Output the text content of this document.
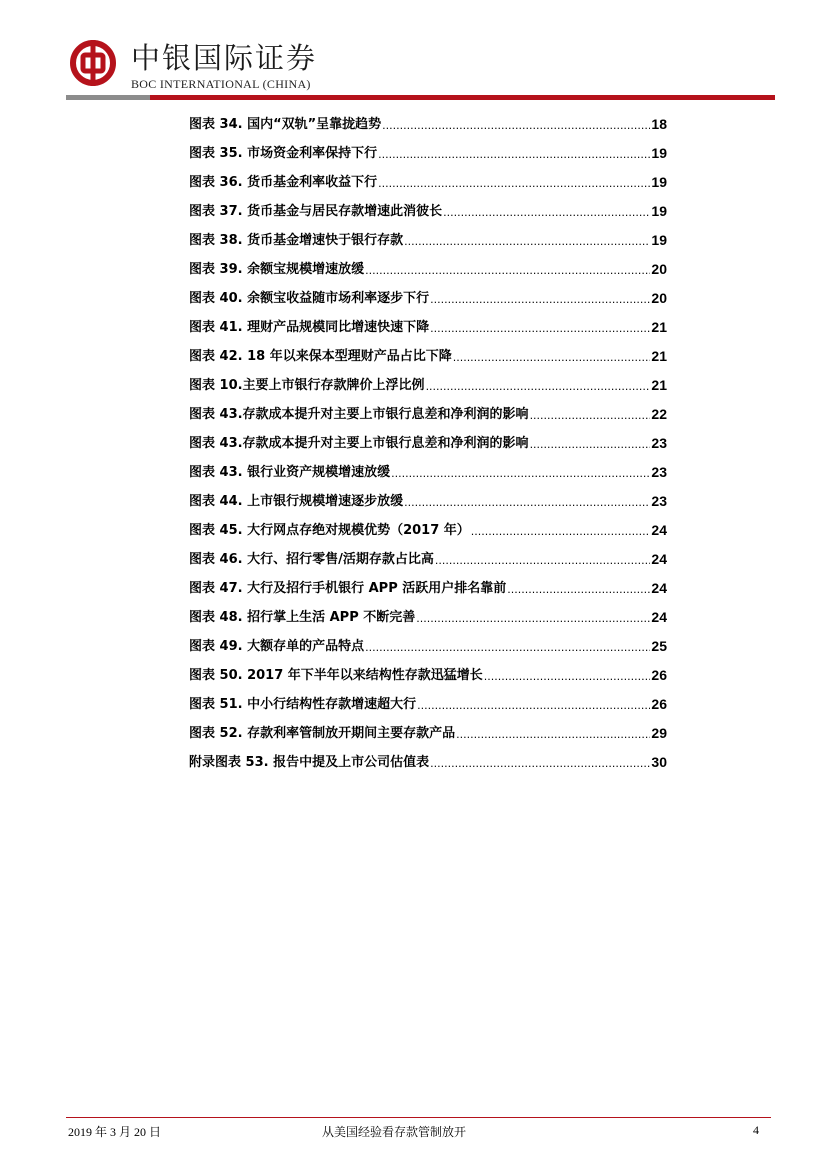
中银国际证券
BOC INTERNATIONAL (CHINA)
图表 34. 国内“双轨”呈靠拢趋势 .....	18
图表 35. 市场资金利率保持下行 .....	19
图表 36. 货币基金利率收益下行 .....	19
图表 37. 货币基金与居民存款增速此消彼长 .....	19
图表 38. 货币基金增速快于银行存款 .....	19
图表 39. 余额宝规模增速放缓 .....	20
图表 40. 余额宝收益随市场利率逐步下行 .....	20
图表 41. 理财产品规模同比增速快速下降 .....	21
图表 42. 18 年以来保本型理财产品占比下降 .....	21
图表 10.主要上市银行存款牌价上浮比例 .....	21
图表 43.存款成本提升对主要上市银行息差和净利润的影响 .....	22
图表 43.存款成本提升对主要上市银行息差和净利润的影响 .....	23
图表 43. 银行业资产规模增速放缓 .....	23
图表 44. 上市银行规模增速逐步放缓 .....	23
图表 45. 大行网点存绝对规模优势（2017 年） .....	24
图表 46. 大行、招行零售/活期存款占比高 .....	24
图表 47. 大行及招行手机银行 APP 活跃用户排名靠前 .....	24
图表 48. 招行掌上生活 APP 不断完善 .....	24
图表 49. 大额存单的产品特点 .....	25
图表 50. 2017 年下半年以来结构性存款迅猛增长 .....	26
图表 51. 中小行结构性存款增速超大行 .....	26
图表 52. 存款利率管制放开期间主要存款产品 .....	29
附录图表 53. 报告中提及上市公司估值表 .....	30
2019 年 3 月 20 日	从美国经验看存款管制放开	4
